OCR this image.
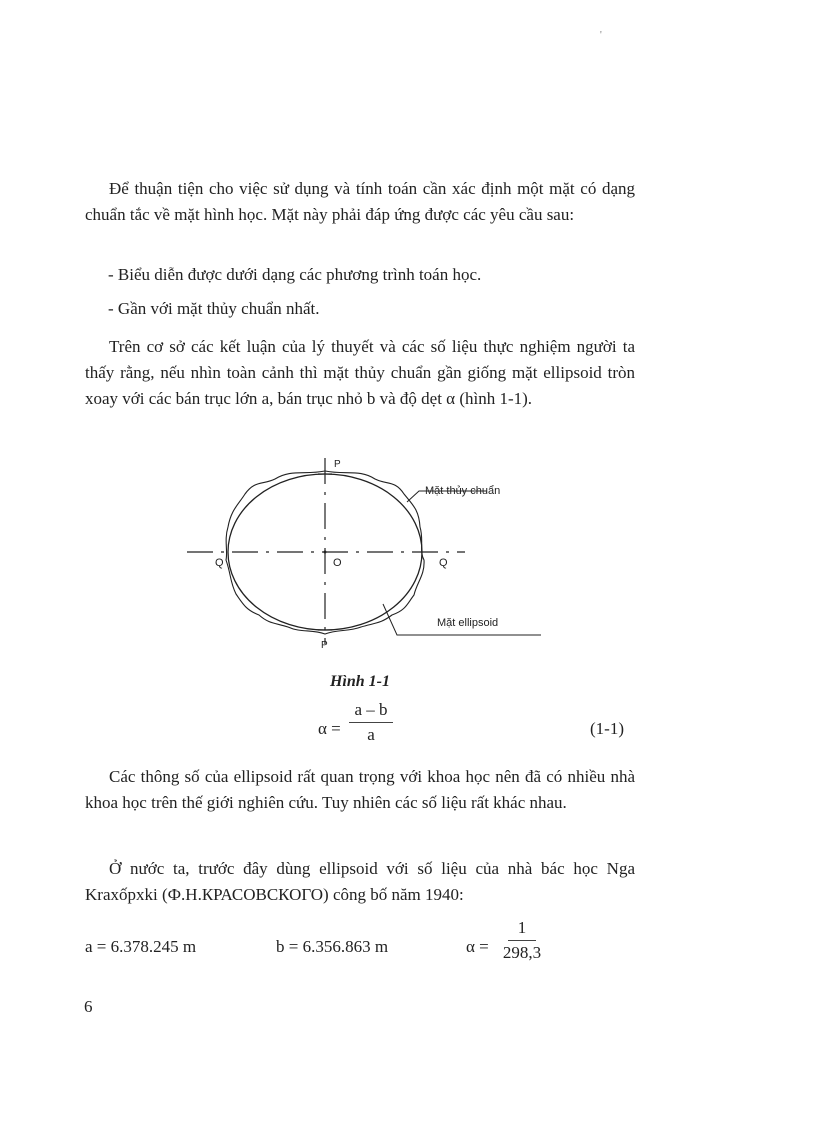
'

Để thuận tiện cho việc sử dụng và tính toán cần xác định một mặt có dạng chuẩn tắc về mặt hình học. Mặt này phải đáp ứng được các yêu cầu sau:

- Biểu diễn được dưới dạng các phương trình toán học.

- Gần với mặt thủy chuẩn nhất.

Trên cơ sở các kết luận của lý thuyết và các số liệu thực nghiệm người ta thấy rằng, nếu nhìn toàn cảnh thì mặt thủy chuẩn gần giống mặt ellipsoid tròn xoay với các bán trục lớn a, bán trục nhỏ b và độ dẹt α (hình 1-1).

P
P
Q	Q
O
Mặt thủy chuẩn
Mặt ellipsoid
Hình 1-1
α =
a – b
a	(1-1)

Các thông số của ellipsoid rất quan trọng với khoa học nên đã có nhiều nhà khoa học trên thế giới nghiên cứu. Tuy nhiên các số liệu rất khác nhau.

Ở nước ta, trước đây dùng ellipsoid với số liệu của nhà bác học Nga Kraxốpxki (Ф.Н.КРАСОВСКОГО) công bố năm 1940:

a = 6.378.245 m	b = 6.356.863 m	α =
1
298,3
6
